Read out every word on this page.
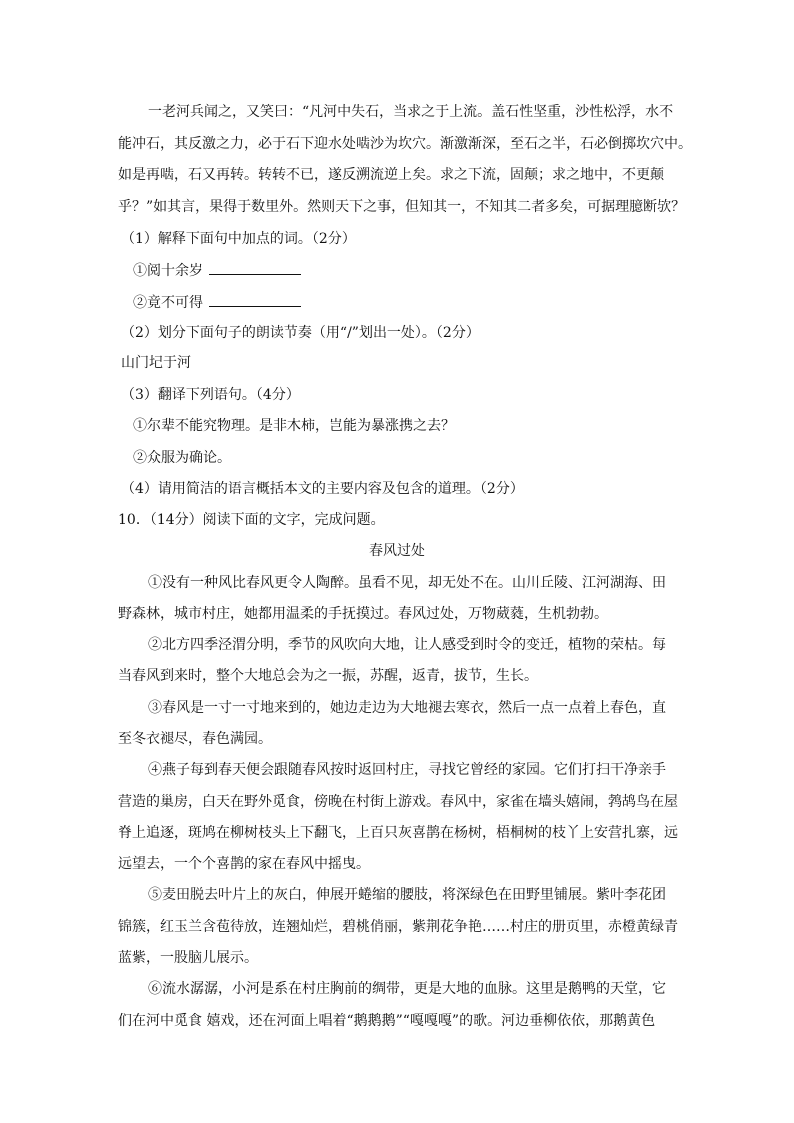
一老河兵闻之，又笑曰：“凡河中失石，当求之于上流。盖石性坚重，沙性松浮，水不
能冲石，其反激之力，必于石下迎水处啮沙为坎穴。渐激渐深，至石之半，石必倒掷坎穴中。
如是再啮，石又再转。转转不已，遂反溯流逆上矣。求之下流，固颠；求之地中，不更颠
乎？”如其言，果得于数里外。然则天下之事，但知其一，不知其二者多矣，可据理臆断欤？
（1）解释下面句中加点的词。（2分）
①阅十余岁
②竟不可得
（2）划分下面句子的朗读节奏（用“/”划出一处）。（2分）
山门圮于河
（3）翻译下列语句。（4分）
①尔辈不能究物理。是非木柿，岂能为暴涨携之去？
②众服为确论。
（4）请用简洁的语言概括本文的主要内容及包含的道理。（2分）
10．（14分）阅读下面的文字，完成问题。
春风过处
①没有一种风比春风更令人陶醉。虽看不见，却无处不在。山川丘陵、江河湖海、田
野森林，城市村庄，她都用温柔的手抚摸过。春风过处，万物葳蕤，生机勃勃。
②北方四季泾渭分明，季节的风吹向大地，让人感受到时令的变迁，植物的荣枯。每
当春风到来时，整个大地总会为之一振，苏醒，返青，拔节，生长。
③春风是一寸一寸地来到的，她边走边为大地褪去寒衣，然后一点一点着上春色，直
至冬衣褪尽，春色满园。
④燕子每到春天便会跟随春风按时返回村庄，寻找它曾经的家园。它们打扫干净亲手
营造的巢房，白天在野外觅食，傍晚在村街上游戏。春风中，家雀在墙头嬉闹，鹁鸪鸟在屋
脊上追逐，斑鸠在柳树枝头上下翻飞，上百只灰喜鹊在杨树，梧桐树的枝丫上安营扎寨，远
远望去，一个个喜鹊的家在春风中摇曳。
⑤麦田脱去叶片上的灰白，伸展开蜷缩的腰肢，将深绿色在田野里铺展。紫叶李花团
锦簇，红玉兰含苞待放，连翘灿烂，碧桃俏丽，紫荆花争艳……村庄的册页里，赤橙黄绿青
蓝紫，一股脑儿展示。
⑥流水潺潺，小河是系在村庄胸前的绸带，更是大地的血脉。这里是鹅鸭的天堂，它
们在河中觅食 嬉戏，还在河面上唱着“鹅鹅鹅”“嘎嘎嘎”的歌。河边垂柳依依，那鹅黄色
